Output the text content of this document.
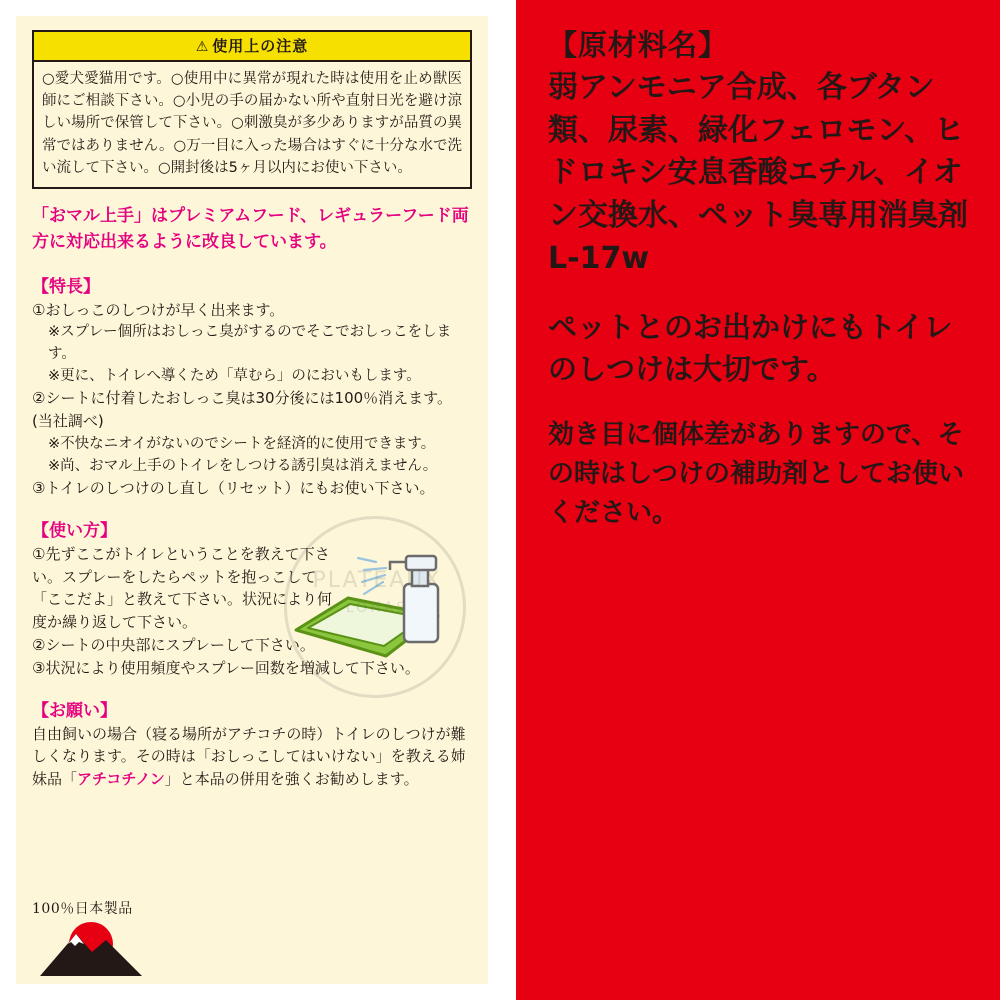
⚠ 使用上の注意
○愛犬愛猫用です。○使用中に異常が現れた時は使用を止め獣医師にご相談下さい。○小児の手の届かない所や直射日光を避け涼しい場所で保管して下さい。○刺激臭が多少ありますが品質の異常ではありません。○万一目に入った場合はすぐに十分な水で洗い流して下さい。○開封後は5ヶ月以内にお使い下さい。
「おマル上手」はプレミアムフード、レギュラーフード両方に対応出来るように改良しています。
【特長】
①おしっこのしつけが早く出来ます。
※スプレー個所はおしっこ臭がするのでそこでおしっこをします。
※更に、トイレへ導くため「草むら」のにおいもします。
②シートに付着したおしっこ臭は30分後には100％消えます。(当社調べ)
※不快なニオイがないのでシートを経済的に使用できます。
※尚、おマル上手のトイレをしつける誘引臭は消えません。
③トイレのしつけのし直し（リセット）にもお使い下さい。
【使い方】
①先ずここがトイレということを教えて下さい。スプレーをしたらペットを抱っこして「ここだよ」と教えて下さい。状況により何度か繰り返して下さい。
②シートの中央部にスプレーして下さい。
③状況により使用頻度やスプレー回数を増減して下さい。
【お願い】
自由飼いの場合（寝る場所がアチコチの時）トイレのしつけが難しくなります。その時は「おしっこしてはいけない」を教える姉妹品「アチコチノン」と本品の併用を強くお勧めします。
PLATEAUX
100％日本製品
【原材料名】
弱アンモニア合成、各ブタン類、尿素、緑化フェロモン、ヒドロキシ安息香酸エチル、イオン交換水、ペット臭専用消臭剤 L-17w
ペットとのお出かけにもトイレのしつけは大切です。
効き目に個体差がありますので、その時はしつけの補助剤としてお使いください。
